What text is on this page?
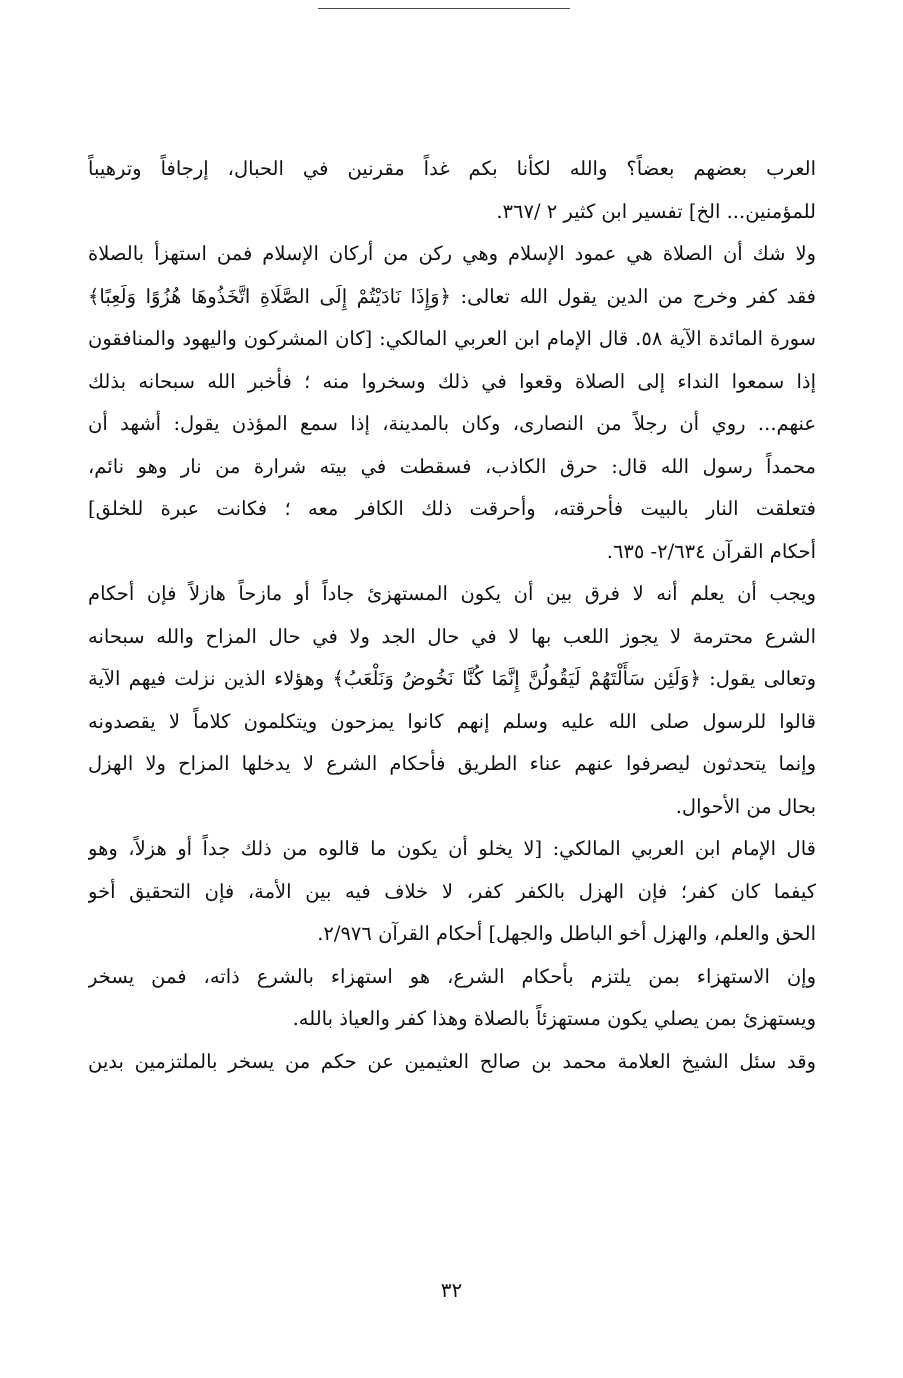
العرب بعضهم بعضاً؟ والله لكأنا بكم غداً مقرنين في الحبال، إرجافاً وترهيباً
للمؤمنين... الخ] تفسير ابن كثير ٢ /٣٦٧.
ولا شك أن الصلاة هي عمود الإسلام وهي ركن من أركان الإسلام فمن استهزأ بالصلاة
فقد كفر وخرج من الدين يقول الله تعالى: ﴿وَإِذَا نَادَيْتُمْ إِلَى الصَّلَاةِ اتَّخَذُوهَا هُزُوًا وَلَعِبًا﴾
سورة المائدة الآية ٥٨. قال الإمام ابن العربي المالكي: [كان المشركون واليهود والمنافقون
إذا سمعوا النداء إلى الصلاة وقعوا في ذلك وسخروا منه ؛ فأخبر الله سبحانه بذلك
عنهم... روي أن رجلاً من النصارى، وكان بالمدينة، إذا سمع المؤذن يقول: أشهد أن
محمداً رسول الله قال: حرق الكاذب، فسقطت في بيته شرارة من نار وهو نائم،
فتعلقت النار بالبيت فأحرقته، وأحرقت ذلك الكافر معه ؛ فكانت عبرة للخلق]
أحكام القرآن ٢/٦٣٤- ٦٣٥.
ويجب أن يعلم أنه لا فرق بين أن يكون المستهزئ جاداً أو مازحاً هازلاً فإن أحكام
الشرع محترمة لا يجوز اللعب بها لا في حال الجد ولا في حال المزاح والله سبحانه
وتعالى يقول: ﴿وَلَئِن سَأَلْتَهُمْ لَيَقُولُنَّ إِنَّمَا كُنَّا نَخُوضُ وَنَلْعَبُ﴾ وهؤلاء الذين نزلت فيهم الآية
قالوا للرسول صلى الله عليه وسلم إنهم كانوا يمزحون ويتكلمون كلاماً لا يقصدونه
وإنما يتحدثون ليصرفوا عنهم عناء الطريق فأحكام الشرع لا يدخلها المزاح ولا الهزل
بحال من الأحوال.
قال الإمام ابن العربي المالكي: [لا يخلو أن يكون ما قالوه من ذلك جداً أو هزلاً، وهو
كيفما كان كفر؛ فإن الهزل بالكفر كفر، لا خلاف فيه بين الأمة، فإن التحقيق أخو
الحق والعلم، والهزل أخو الباطل والجهل] أحكام القرآن ٢/٩٧٦.
وإن الاستهزاء بمن يلتزم بأحكام الشرع، هو استهزاء بالشرع ذاته، فمن يسخر
ويستهزئ بمن يصلي يكون مستهزئاً بالصلاة وهذا كفر والعياذ بالله.
وقد سئل الشيخ العلامة محمد بن صالح العثيمين عن حكم من يسخر بالملتزمين بدين
٣٢
